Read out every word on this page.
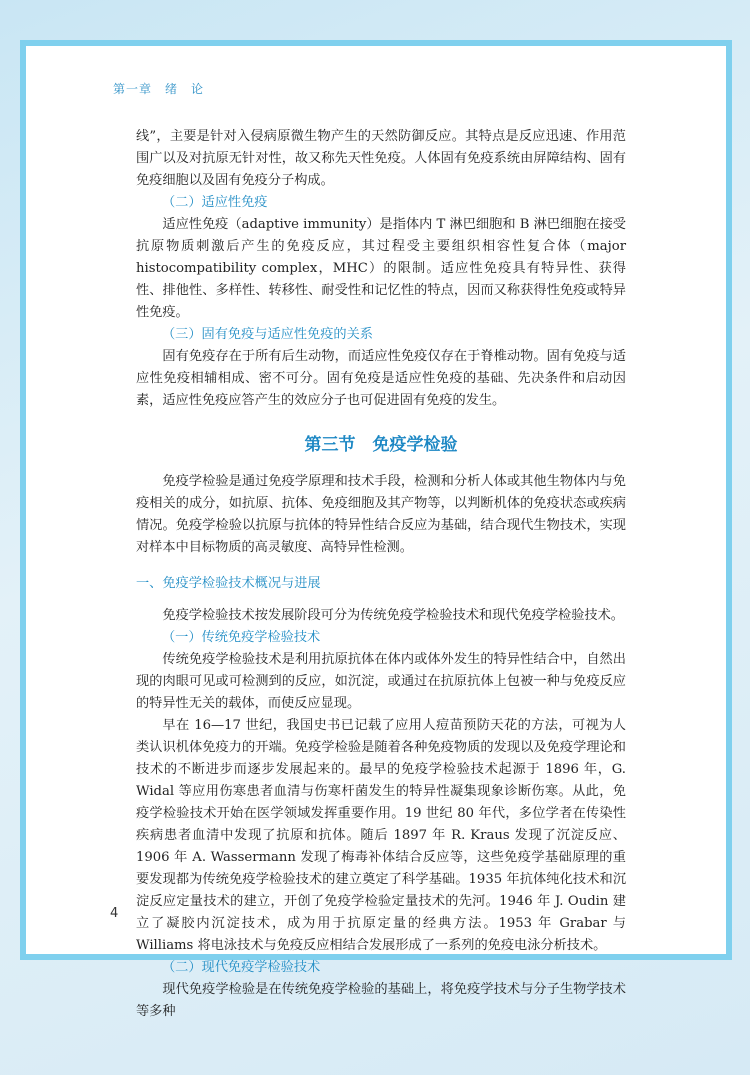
第一章　绪　论

线”，主要是针对入侵病原微生物产生的天然防御反应。其特点是反应迅速、作用范围广以及对抗原无针对性，故又称先天性免疫。人体固有免疫系统由屏障结构、固有免疫细胞以及固有免疫分子构成。

（二）适应性免疫

适应性免疫（adaptive immunity）是指体内 T 淋巴细胞和 B 淋巴细胞在接受抗原物质刺激后产生的免疫反应，其过程受主要组织相容性复合体（major histocompatibility complex，MHC）的限制。适应性免疫具有特异性、获得性、排他性、多样性、转移性、耐受性和记忆性的特点，因而又称获得性免疫或特异性免疫。

（三）固有免疫与适应性免疫的关系

固有免疫存在于所有后生动物，而适应性免疫仅存在于脊椎动物。固有免疫与适应性免疫相辅相成、密不可分。固有免疫是适应性免疫的基础、先决条件和启动因素，适应性免疫应答产生的效应分子也可促进固有免疫的发生。

第三节　免疫学检验

免疫学检验是通过免疫学原理和技术手段，检测和分析人体或其他生物体内与免疫相关的成分，如抗原、抗体、免疫细胞及其产物等，以判断机体的免疫状态或疾病情况。免疫学检验以抗原与抗体的特异性结合反应为基础，结合现代生物技术，实现对样本中目标物质的高灵敏度、高特异性检测。

一、免疫学检验技术概况与进展

免疫学检验技术按发展阶段可分为传统免疫学检验技术和现代免疫学检验技术。

（一）传统免疫学检验技术

传统免疫学检验技术是利用抗原抗体在体内或体外发生的特异性结合中，自然出现的肉眼可见或可检测到的反应，如沉淀，或通过在抗原抗体上包被一种与免疫反应的特异性无关的载体，而使反应显现。

早在 16—17 世纪，我国史书已记载了应用人痘苗预防天花的方法，可视为人类认识机体免疫力的开端。免疫学检验是随着各种免疫物质的发现以及免疫学理论和技术的不断进步而逐步发展起来的。最早的免疫学检验技术起源于 1896 年，G. Widal 等应用伤寒患者血清与伤寒杆菌发生的特异性凝集现象诊断伤寒。从此，免疫学检验技术开始在医学领域发挥重要作用。19 世纪 80 年代，多位学者在传染性疾病患者血清中发现了抗原和抗体。随后 1897 年 R. Kraus 发现了沉淀反应、1906 年 A. Wassermann 发现了梅毒补体结合反应等，这些免疫学基础原理的重要发现都为传统免疫学检验技术的建立奠定了科学基础。1935 年抗体纯化技术和沉淀反应定量技术的建立，开创了免疫学检验定量技术的先河。1946 年 J. Oudin 建立了凝胶内沉淀技术，成为用于抗原定量的经典方法。1953 年 Grabar 与 Williams 将电泳技术与免疫反应相结合发展形成了一系列的免疫电泳分析技术。

（二）现代免疫学检验技术

现代免疫学检验是在传统免疫学检验的基础上，将免疫学技术与分子生物学技术等多种

4
